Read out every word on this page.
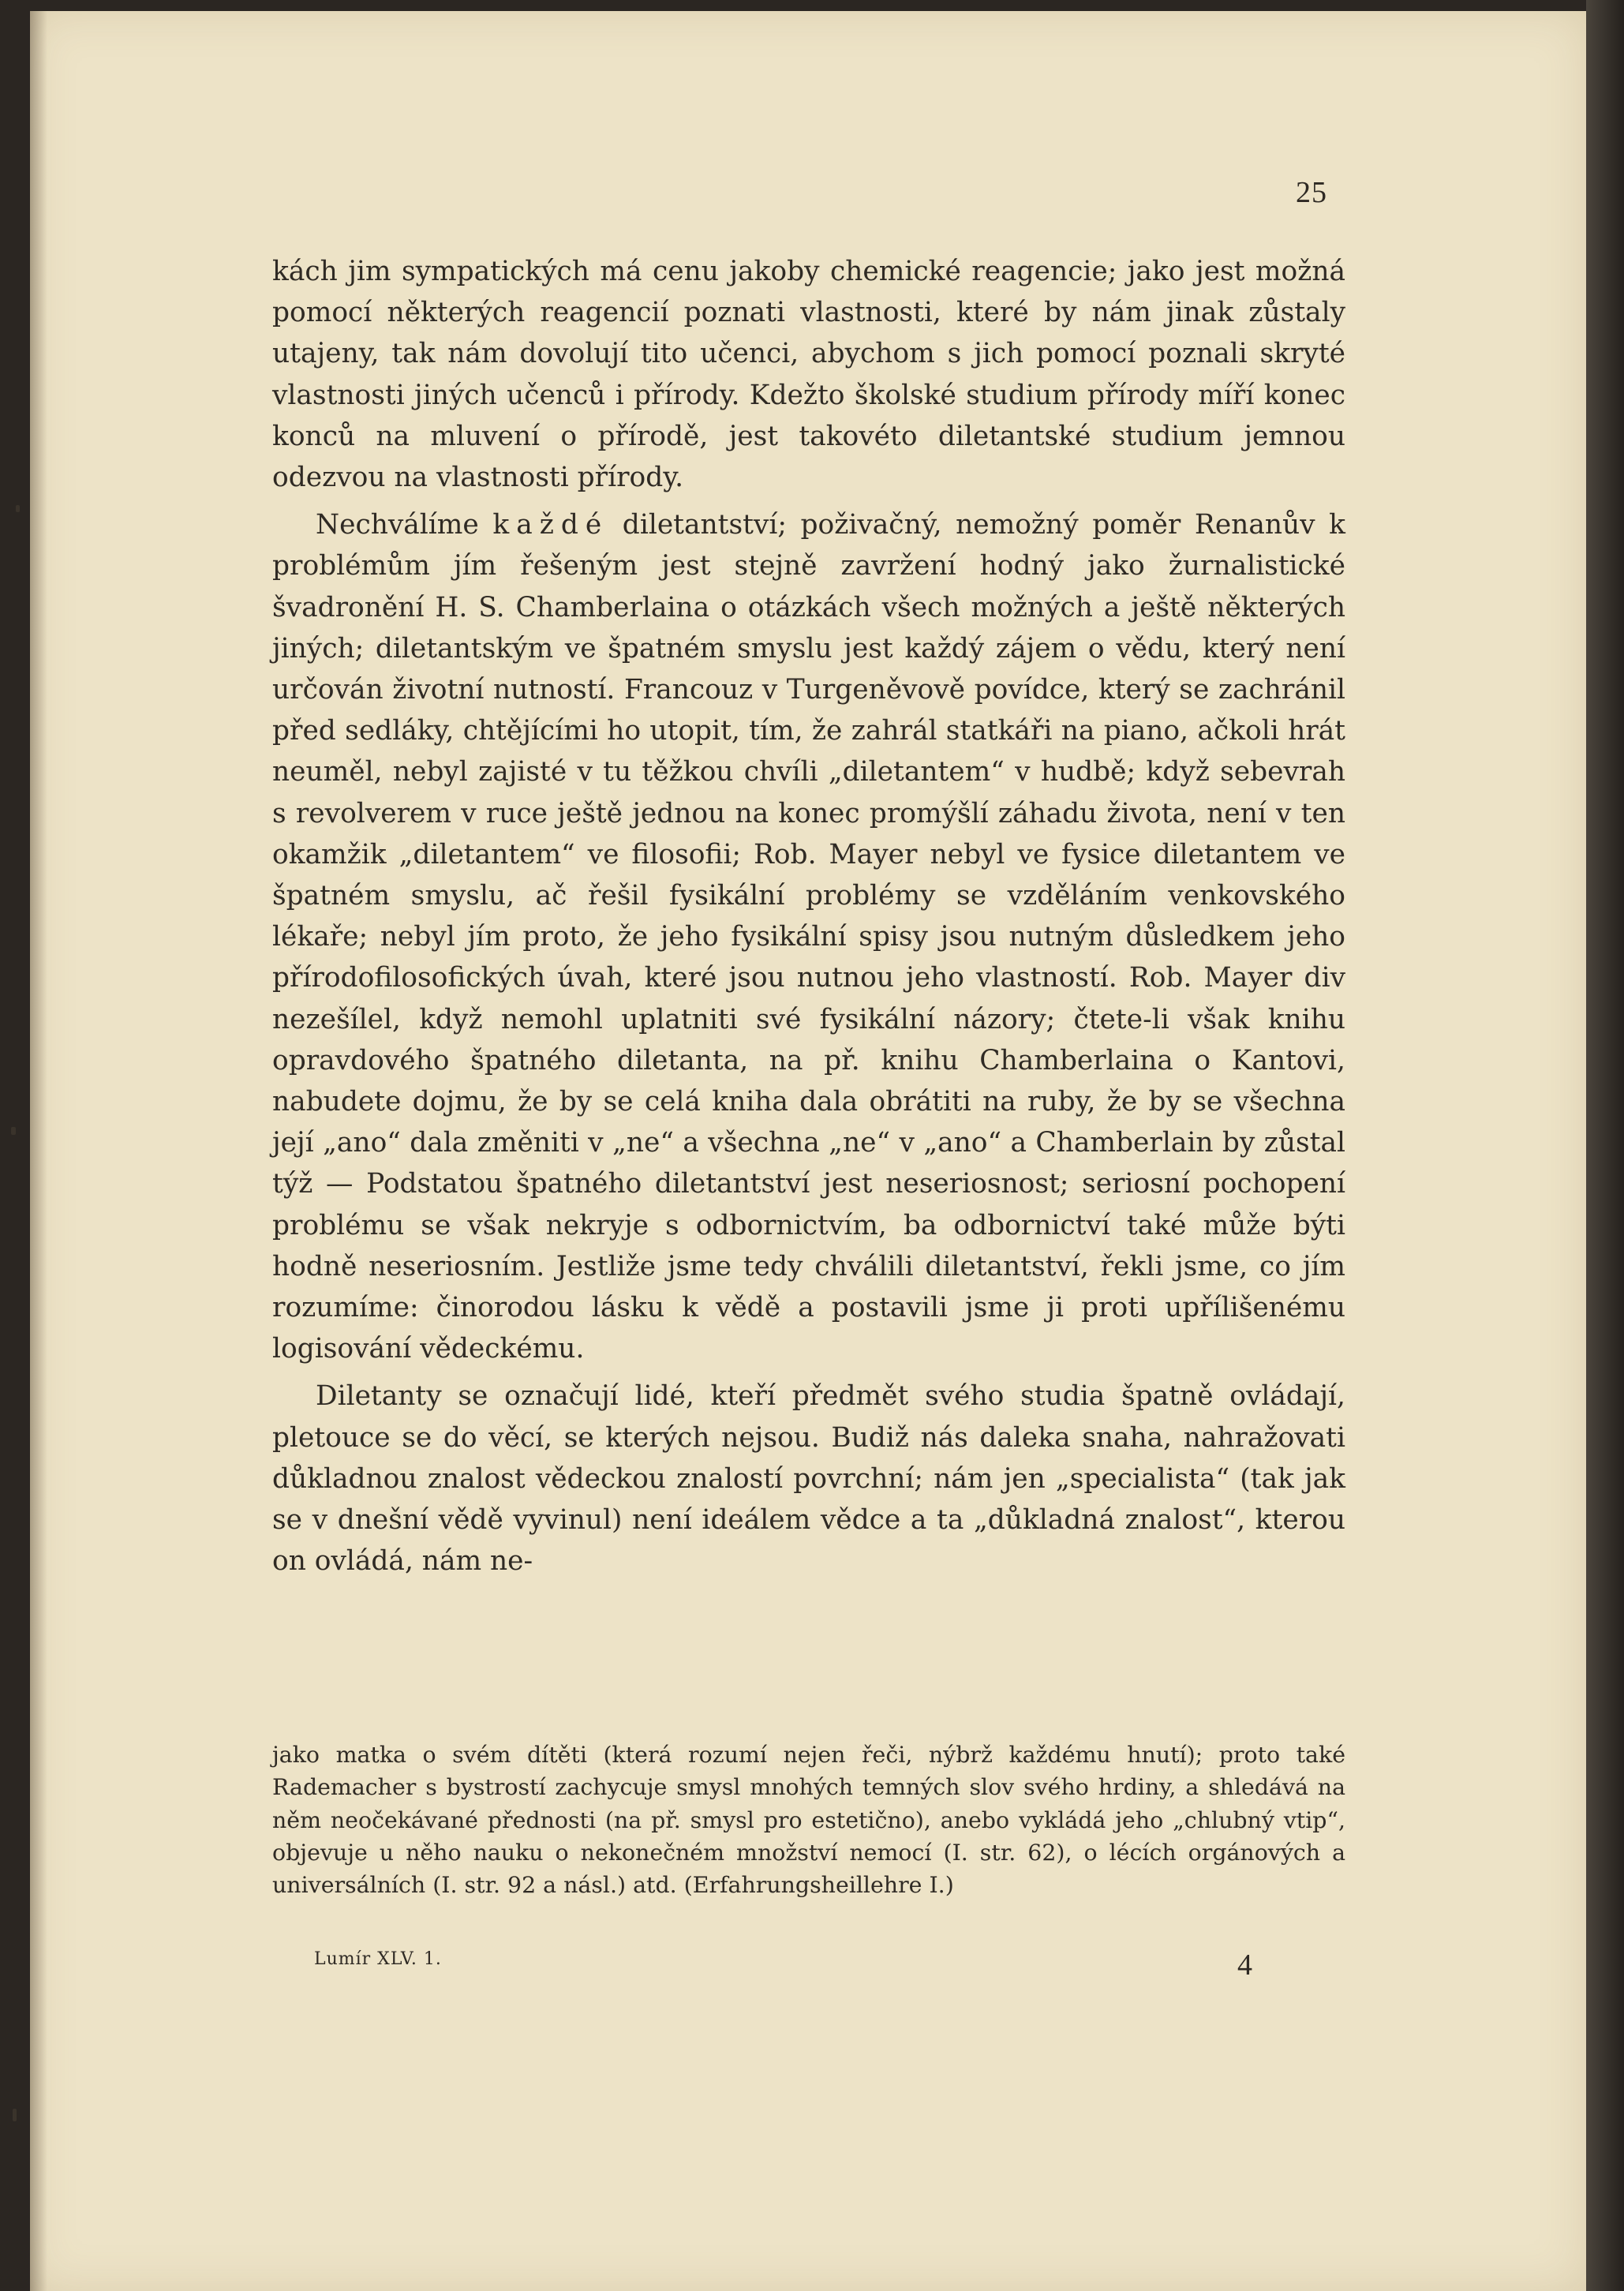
25

kách jim sympatických má cenu jakoby chemické reagencie; jako jest možná pomocí některých reagencií poznati vlastnosti, které by nám jinak zůstaly utajeny, tak nám dovolují tito učenci, abychom s jich pomocí poznali skryté vlastnosti jiných učenců i přírody. Kdežto školské studium přírody míří konec konců na mluvení o přírodě, jest takovéto diletantské studium jemnou odezvou na vlastnosti přírody.

Nechválíme každé diletantství; poživačný, nemožný poměr Renanův k problémům jím řešeným jest stejně zavržení hodný jako žurnalistické švadronění H. S. Chamberlaina o otázkách všech možných a ještě některých jiných; diletantským ve špatném smyslu jest každý zájem o vědu, který není určován životní nutností. Francouz v Turgeněvově povídce, který se zachránil před sedláky, chtějícími ho utopit, tím, že zahrál statkáři na piano, ačkoli hrát neuměl, nebyl zajisté v tu těžkou chvíli „diletantem“ v hudbě; když sebevrah s revolverem v ruce ještě jednou na konec promýšlí záhadu života, není v ten okamžik „diletantem“ ve filosofii; Rob. Mayer nebyl ve fysice diletantem ve špatném smyslu, ač řešil fysikální problémy se vzděláním venkovského lékaře; nebyl jím proto, že jeho fysikální spisy jsou nutným důsledkem jeho přírodofilosofických úvah, které jsou nutnou jeho vlastností. Rob. Mayer div nezešílel, když nemohl uplatniti své fysikální názory; čtete-li však knihu opravdového špatného diletanta, na př. knihu Chamberlaina o Kantovi, nabudete dojmu, že by se celá kniha dala obrátiti na ruby, že by se všechna její „ano“ dala změniti v „ne“ a všechna „ne“ v „ano“ a Chamberlain by zůstal týž — Podstatou špatného diletantství jest neseriosnost; seriosní pochopení problému se však nekryje s odbornictvím, ba odbornictví také může býti hodně neseriosním. Jestliže jsme tedy chválili diletantství, řekli jsme, co jím rozumíme: činorodou lásku k vědě a postavili jsme ji proti upřílišenému logisování vědeckému.

Diletanty se označují lidé, kteří předmět svého studia špatně ovládají, pletouce se do věcí, se kterých nejsou. Budiž nás daleka snaha, nahražovati důkladnou znalost vědeckou znalostí povrchní; nám jen „specialista“ (tak jak se v dnešní vědě vyvinul) není ideálem vědce a ta „důkladná znalost“, kterou on ovládá, nám ne-

jako matka o svém dítěti (která rozumí nejen řeči, nýbrž každému hnutí); proto také Rademacher s bystrostí zachycuje smysl mnohých temných slov svého hrdiny, a shledává na něm neočekávané přednosti (na př. smysl pro estetično), anebo vykládá jeho „chlubný vtip“, objevuje u něho nauku o nekonečném množství nemocí (I. str. 62), o lécích orgánových a universálních (I. str. 92 a násl.) atd. (Erfahrungsheillehre I.)

Lumír XLV. 1.	4
